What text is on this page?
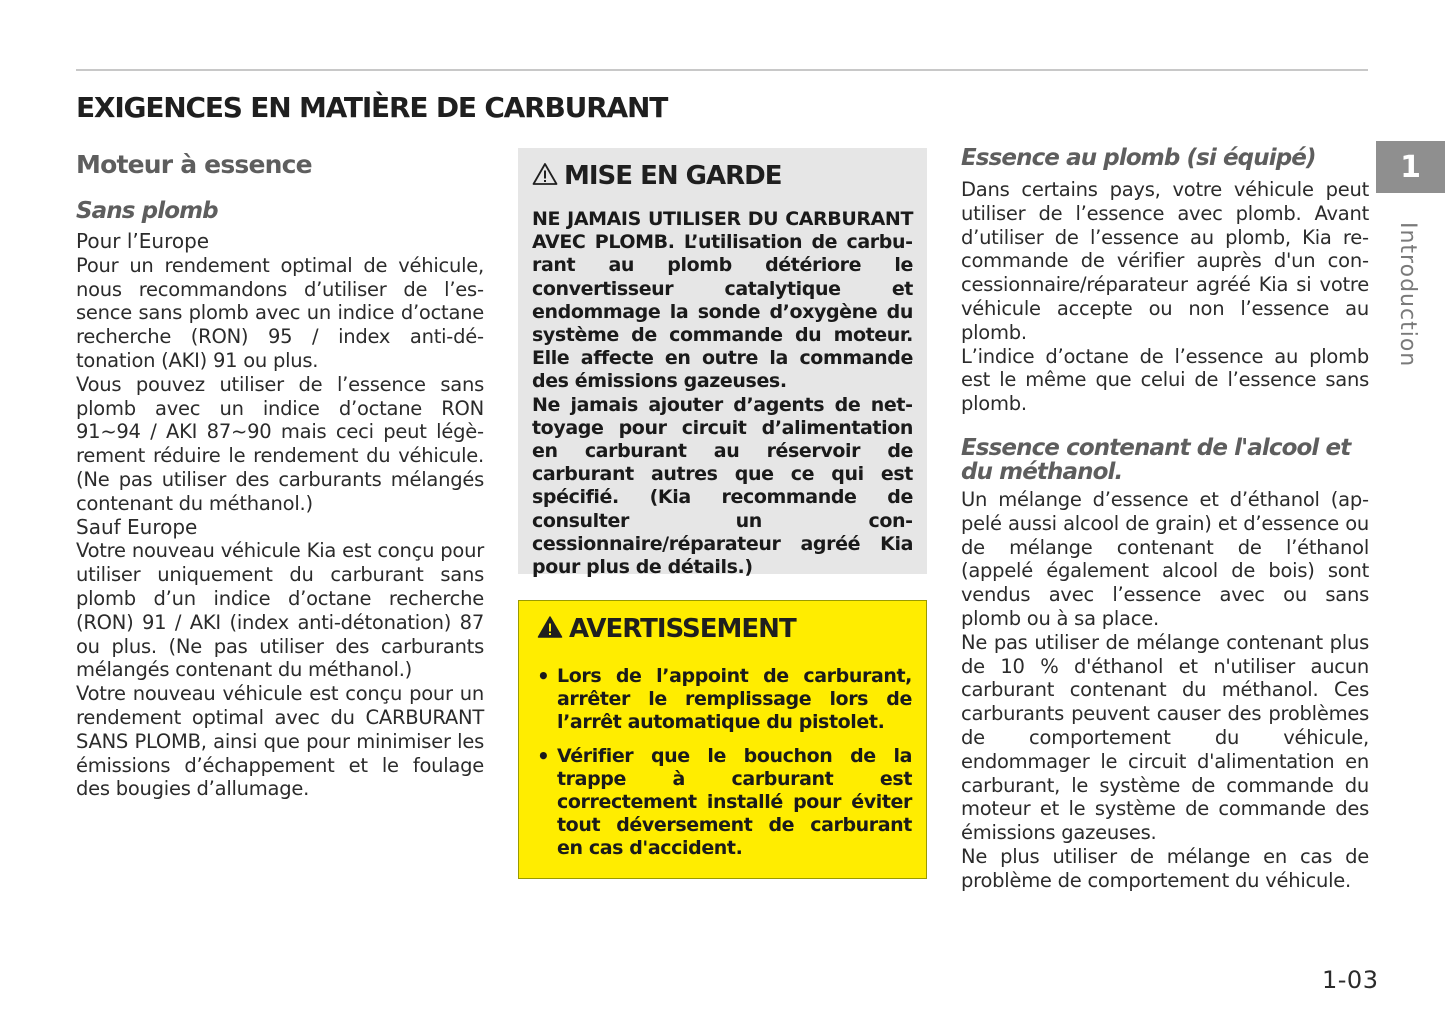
EXIGENCES EN MATIÈRE DE CARBURANT
Moteur à essence
Sans plomb
Pour l’Europe

Pour un rendement optimal de véhicule, nous recommandons d’utiliser de l’essence sans plomb avec un indice d’octane recherche (RON) 95 / index anti-détonation (AKI) 91 ou plus.

Vous pouvez utiliser de l’essence sans plomb avec un indice d’octane RON 91~94 / AKI 87~90 mais ceci peut légèrement réduire le rendement du véhicule. (Ne pas utiliser des carburants mélangés contenant du méthanol.)

Sauf Europe

Votre nouveau véhicule Kia est conçu pour utiliser uniquement du carburant sans plomb d’un indice d’octane recherche (RON) 91 / AKI (index anti-détonation) 87 ou plus. (Ne pas utiliser des carburants mélangés contenant du méthanol.)

Votre nouveau véhicule est conçu pour un rendement optimal avec du CARBURANT SANS PLOMB, ainsi que pour minimiser les émissions d’échappement et le foulage des bougies d’allumage.

MISE EN GARDE

NE JAMAIS UTILISER DU CARBURANT AVEC PLOMB. L’utilisation de carburant au plomb détériore le convertisseur catalytique et endommage la sonde d’oxygène du système de commande du moteur. Elle affecte en outre la commande des émissions gazeuses.

Ne jamais ajouter d’agents de nettoyage pour circuit d’alimentation en carburant au réservoir de carburant autres que ce qui est spécifié. (Kia recommande de consulter un concessionnaire/réparateur agréé Kia pour plus de détails.)

AVERTISSEMENT
• Lors de l’appoint de carburant, arrêter le remplissage lors de l’arrêt automatique du pistolet.

• Vérifier que le bouchon de la trappe à carburant est correctement installé pour éviter tout déversement de carburant en cas d'accident.

Essence au plomb (si équipé)

Dans certains pays, votre véhicule peut utiliser de l’essence avec plomb. Avant d’utiliser de l’essence au plomb, Kia recommande de vérifier auprès d'un concessionnaire/réparateur agréé Kia si votre véhicule accepte ou non l’essence au plomb.

L’indice d’octane de l’essence au plomb est le même que celui de l’essence sans plomb.

Essence contenant de l'alcool et du méthanol.

Un mélange d’essence et d’éthanol (appelé aussi alcool de grain) et d’essence ou de mélange contenant de l’éthanol (appelé également alcool de bois) sont vendus avec l’essence avec ou sans plomb ou à sa place.

Ne pas utiliser de mélange contenant plus de 10 % d'éthanol et n'utiliser aucun carburant contenant du méthanol. Ces carburants peuvent causer des problèmes de comportement du véhicule, endommager le circuit d'alimentation en carburant, le système de commande du moteur et le système de commande des émissions gazeuses.

Ne plus utiliser de mélange en cas de problème de comportement du véhicule.

1
Introduction
1-03
